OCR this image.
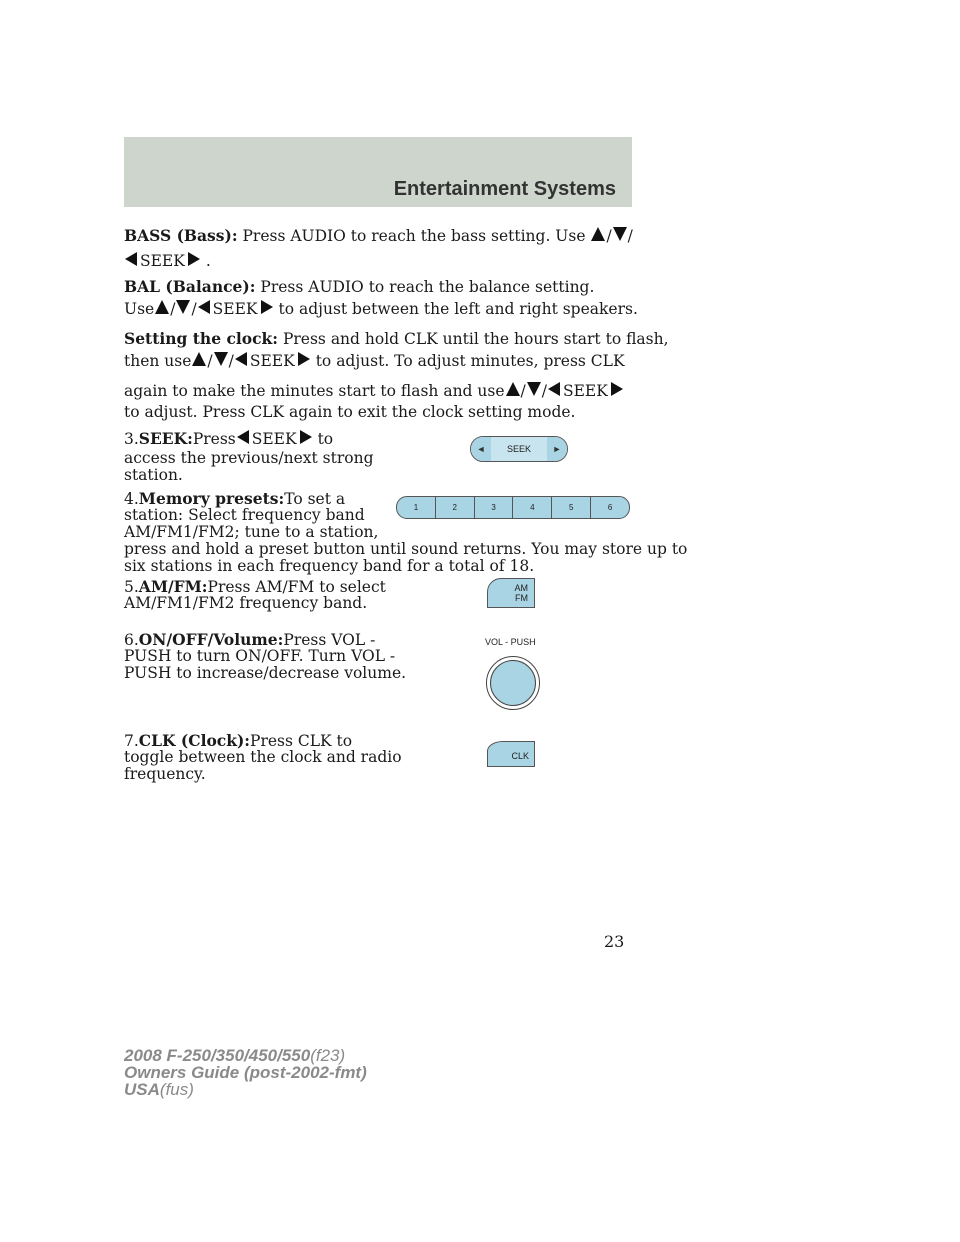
Entertainment Systems
BASS (Bass): Press AUDIO to reach the bass setting. Use / /
SEEK .
BAL (Balance): Press AUDIO to reach the balance setting.
Use / / SEEK to adjust between the left and right speakers.
Setting the clock: Press and hold CLK until the hours start to flash,
then use / / SEEK to adjust. To adjust minutes, press CLK
again to make the minutes start to flash and use / / SEEK
to adjust. Press CLK again to exit the clock setting mode.
3.SEEK:Press SEEK to
access the previous/next strong
station.
◄	SEEK	►
4.Memory presets:To set a
station: Select frequency band
AM/FM1/FM2; tune to a station,
press and hold a preset button until sound returns. You may store up to
six stations in each frequency band for a total of 18.
1	2	3	4	5	6
5.AM/FM:Press AM/FM to select
AM/FM1/FM2 frequency band.
AM
FM
6.ON/OFF/Volume:Press VOL -
PUSH to turn ON/OFF. Turn VOL -
PUSH to increase/decrease volume.
VOL - PUSH
7.CLK (Clock):Press CLK to
toggle between the clock and radio
frequency.
CLK
23
2008 F-250/350/450/550(f23)
Owners Guide (post-2002-fmt)
USA(fus)
